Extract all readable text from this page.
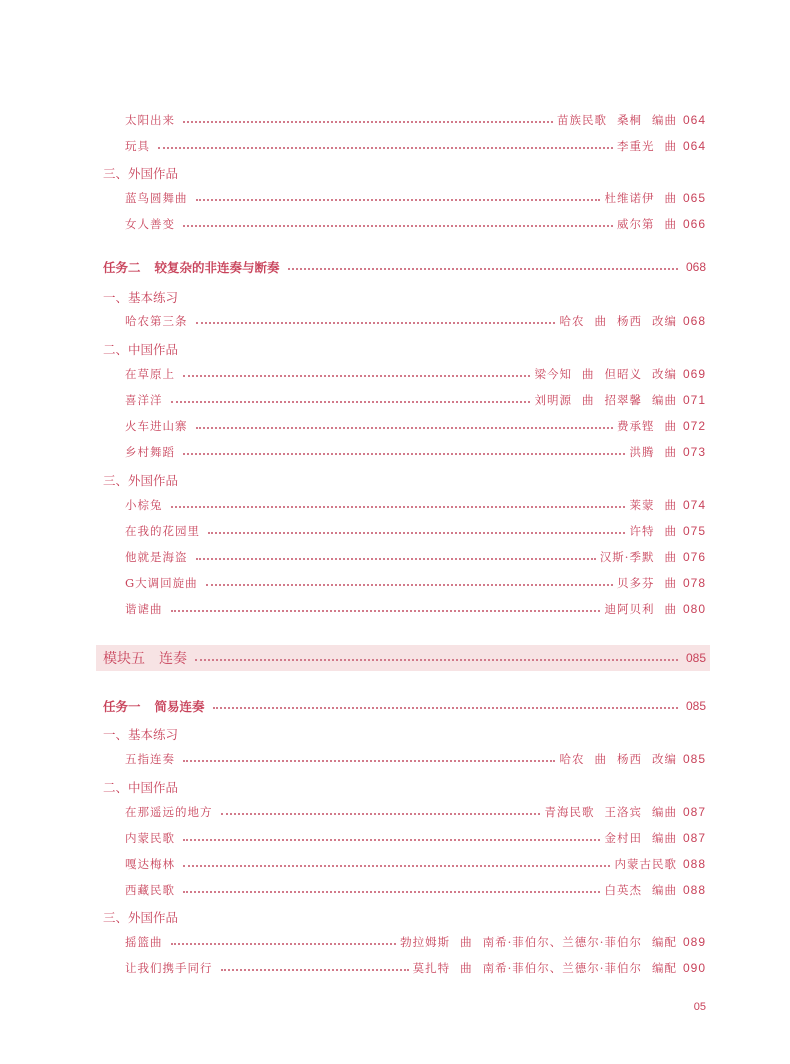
太阳出来	苗族民歌 桑桐 编曲 064
玩具	李重光 曲 064
三、外国作品
蓝鸟圆舞曲	杜维诺伊 曲 065
女人善变	威尔第 曲 066
任务二 较复杂的非连奏与断奏	068
一、基本练习
哈农第三条	哈农 曲 杨西 改编 068
二、中国作品
在草原上	梁今知 曲 但昭义 改编 069
喜洋洋	刘明源 曲 招翠馨 编曲 071
火车进山寨	费承铿 曲 072
乡村舞蹈	洪腾 曲 073
三、外国作品
小棕兔	莱蒙 曲 074
在我的花园里	许特 曲 075
他就是海盗	汉斯·季默 曲 076
G大调回旋曲	贝多芬 曲 078
谐谑曲	迪阿贝利 曲 080
模块五 连奏	085
任务一 简易连奏	085
一、基本练习
五指连奏	哈农 曲 杨西 改编 085
二、中国作品
在那遥远的地方	青海民歌 王洛宾 编曲 087
内蒙民歌	金村田 编曲 087
嘎达梅林	内蒙古民歌 088
西藏民歌	白英杰 编曲 088
三、外国作品
摇篮曲	勃拉姆斯 曲 南希·菲伯尔、兰德尔·菲伯尔 编配 089
让我们携手同行	莫扎特 曲 南希·菲伯尔、兰德尔·菲伯尔 编配 090
05
